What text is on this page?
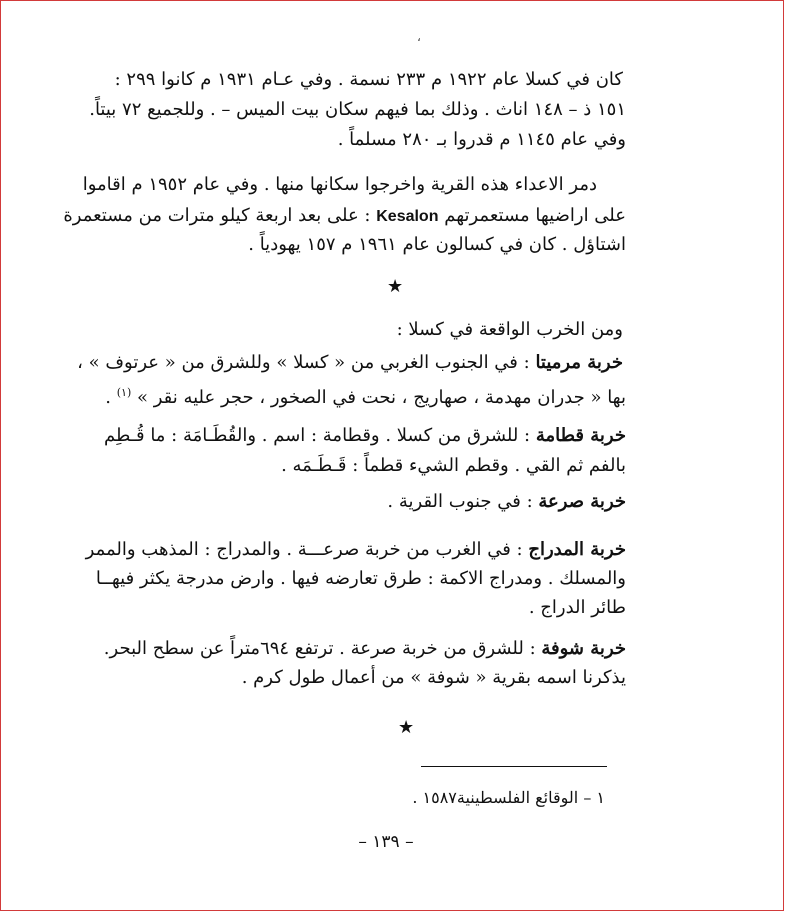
،
كان في كسلا عام ١٩٢٢ م ٢٣٣ نسمة . وفي عـام ١٩٣١ م كانوا ٢٩٩ :
١٥١ ذ – ١٤٨ اناث . وذلك بما فيهم سكان بيت الميس – . وللجميع ٧٢ بيتاً.
وفي عام ١١٤٥ م قدروا بـ ٢٨٠ مسلماً .
دمر الاعداء هذه القرية واخرجوا سكانها منها . وفي عام ١٩٥٢ م اقاموا
على اراضيها مستعمرتهم Kesalon : على بعد اربعة كيلو مترات من مستعمرة
اشتاؤل . كان في كسالون عام ١٩٦١ م ١٥٧ يهودياً .
★
ومن الخرب الواقعة في كسلا :
خربة مرميتا : في الجنوب الغربي من « كسلا » وللشرق من « عرتوف » ،
بها « جدران مهدمة ، صهاريج ، نحت في الصخور ، حجر عليه نقر » $^{(١)}$ .
خربة قطامة : للشرق من كسلا . وقطامة : اسم . والقُطَـامَة : ما قُـطِم
بالفم ثم القي . وقطم الشيء قطماً : قَـطَـمَه .
خربة صرعة : في جنوب القرية .
خربة المدراج : في الغرب من خربة صرعـــة . والمدراج : المذهب والممر
والمسلك . ومدراج الاكمة : طرق تعارضه فيها . وارض مدرجة يكثر فيهــا
طائر الدراج .
خربة شوفة : للشرق من خربة صرعة . ترتفع ٦٩٤متراً عن سطح البحر.
يذكرنا اسمه بقرية « شوفة » من أعمال طول كرم .
★
١ – الوقائع الفلسطينية١٥٨٧ .
– ١٣٩ –
